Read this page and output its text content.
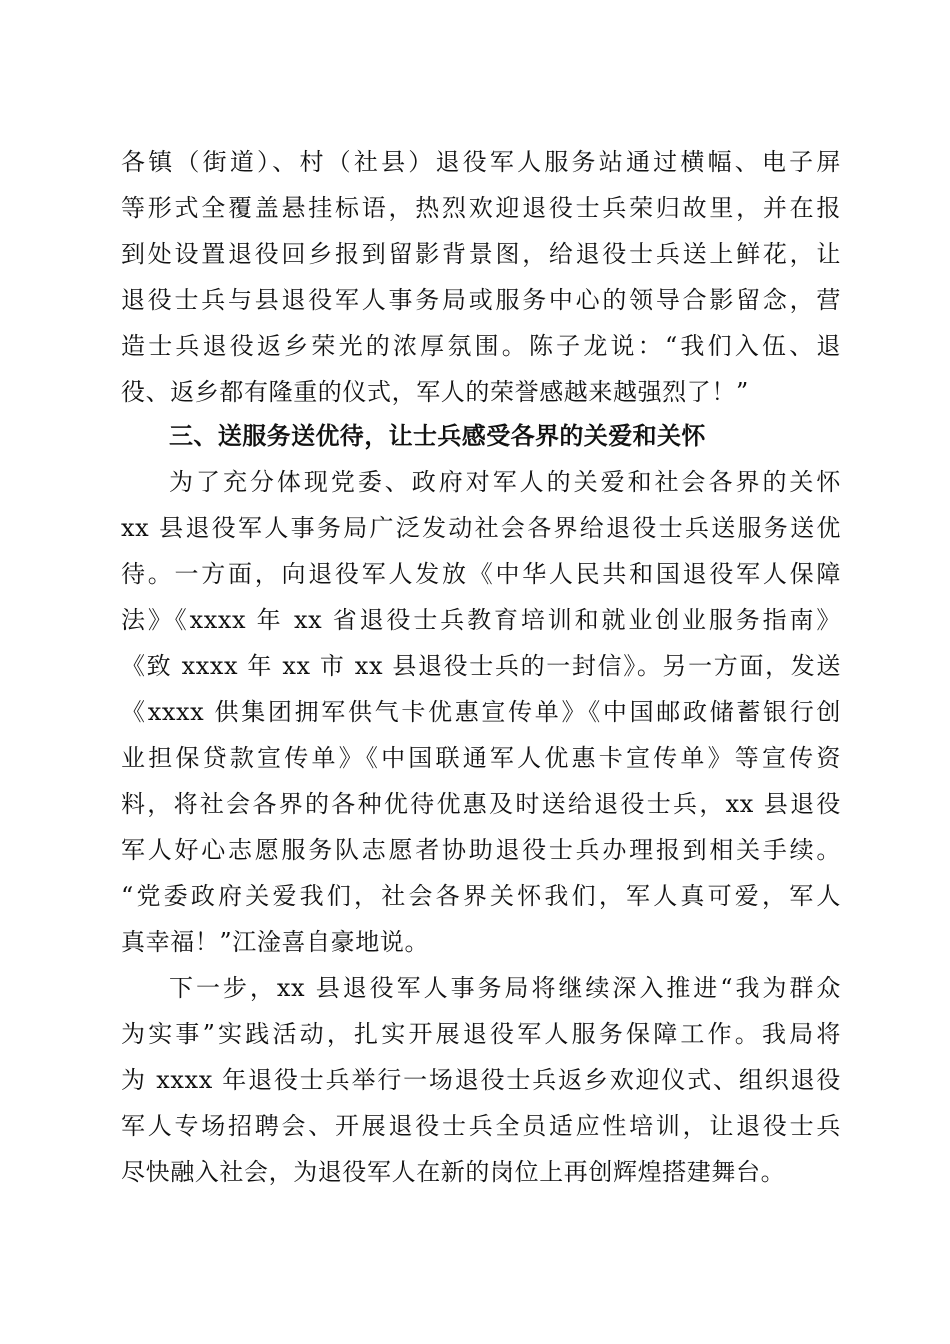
各镇（街道）、村（社县）退役军人服务站通过横幅、电子屏
等形式全覆盖悬挂标语，热烈欢迎退役士兵荣归故里，并在报
到处设置退役回乡报到留影背景图，给退役士兵送上鲜花，让
退役士兵与县退役军人事务局或服务中心的领导合影留念，营
造士兵退役返乡荣光的浓厚氛围。陈子龙说：“我们入伍、退
役、返乡都有隆重的仪式，军人的荣誉感越来越强烈了！”
三、送服务送优待，让士兵感受各界的关爱和关怀
为了充分体现党委、政府对军人的关爱和社会各界的关怀
xx 县退役军人事务局广泛发动社会各界给退役士兵送服务送优
待。一方面，向退役军人发放《中华人民共和国退役军人保障
法》《xxxx 年 xx 省退役士兵教育培训和就业创业服务指南》
《致 xxxx 年 xx 市 xx 县退役士兵的一封信》。另一方面，发送
《xxxx 供集团拥军供气卡优惠宣传单》《中国邮政储蓄银行创
业担保贷款宣传单》《中国联通军人优惠卡宣传单》等宣传资
料，将社会各界的各种优待优惠及时送给退役士兵，xx 县退役
军人好心志愿服务队志愿者协助退役士兵办理报到相关手续。
“党委政府关爱我们，社会各界关怀我们，军人真可爱，军人
真幸福！”江淦喜自豪地说。
下一步，xx 县退役军人事务局将继续深入推进“我为群众
为实事”实践活动，扎实开展退役军人服务保障工作。我局将
为 xxxx 年退役士兵举行一场退役士兵返乡欢迎仪式、组织退役
军人专场招聘会、开展退役士兵全员适应性培训，让退役士兵
尽快融入社会，为退役军人在新的岗位上再创辉煌搭建舞台。
